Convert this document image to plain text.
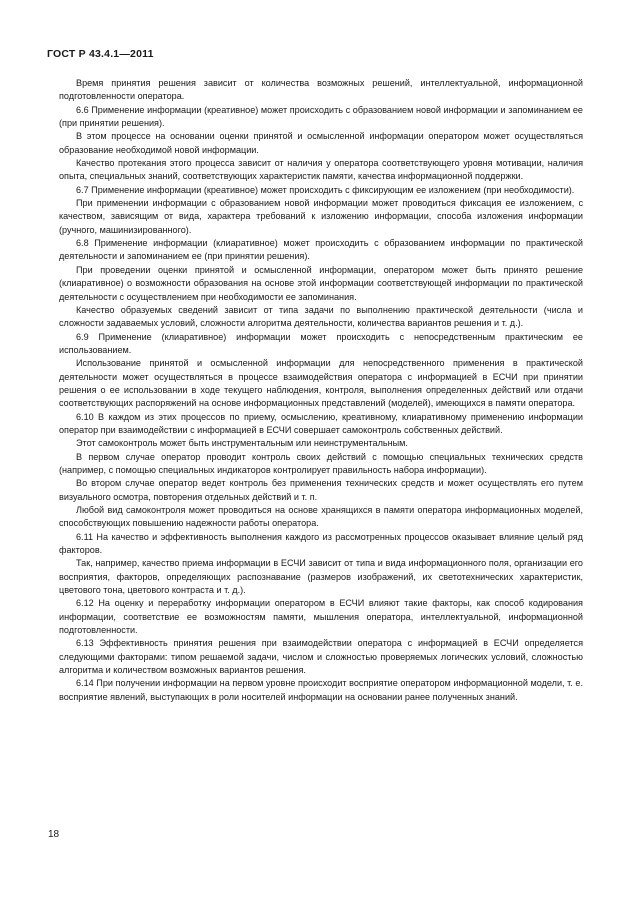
ГОСТ Р 43.4.1—2011

Время принятия решения зависит от количества возможных решений, интеллектуальной, информационной подготовленности оператора.

6.6 Применение информации (креативное) может происходить с образованием новой информации и запоминанием ее (при принятии решения).

В этом процессе на основании оценки принятой и осмысленной информации оператором может осуществляться образование необходимой новой информации.

Качество протекания этого процесса зависит от наличия у оператора соответствующего уровня мотивации, наличия опыта, специальных знаний, соответствующих характеристик памяти, качества информационной поддержки.

6.7 Применение информации (креативное) может происходить с фиксирующим ее изложением (при необходимости).

При применении информации с образованием новой информации может проводиться фиксация ее изложением, с качеством, зависящим от вида, характера требований к изложению информации, способа изложения информации (ручного, машинизированного).

6.8 Применение информации (клиаративное) может происходить с образованием информации по практической деятельности и запоминанием ее (при принятии решения).

При проведении оценки принятой и осмысленной информации, оператором может быть принято решение (клиаративное) о возможности образования на основе этой информации соответствующей информации по практической деятельности с осуществлением при необходимости ее запоминания.

Качество образуемых сведений зависит от типа задачи по выполнению практической деятельности (числа и сложности задаваемых условий, сложности алгоритма деятельности, количества вариантов решения и т. д.).

6.9 Применение (клиаративное) информации может происходить с непосредственным практическим ее использованием.

Использование принятой и осмысленной информации для непосредственного применения в практической деятельности может осуществляться в процессе взаимодействия оператора с информацией в ЕСЧИ при принятии решения о ее использовании в ходе текущего наблюдения, контроля, выполнения определенных действий или отдачи соответствующих распоряжений на основе информационных представлений (моделей), имеющихся в памяти оператора.

6.10 В каждом из этих процессов по приему, осмыслению, креативному, клиаративному применению информации оператор при взаимодействии с информацией в ЕСЧИ совершает самоконтроль собственных действий.

Этот самоконтроль может быть инструментальным или неинструментальным.

В первом случае оператор проводит контроль своих действий с помощью специальных технических средств (например, с помощью специальных индикаторов контролирует правильность набора информации).

Во втором случае оператор ведет контроль без применения технических средств и может осуществлять его путем визуального осмотра, повторения отдельных действий и т. п.

Любой вид самоконтроля может проводиться на основе хранящихся в памяти оператора информационных моделей, способствующих повышению надежности работы оператора.

6.11 На качество и эффективность выполнения каждого из рассмотренных процессов оказывает влияние целый ряд факторов.

Так, например, качество приема информации в ЕСЧИ зависит от типа и вида информационного поля, организации его восприятия, факторов, определяющих распознавание (размеров изображений, их светотехнических характеристик, цветового тона, цветового контраста и т. д.).

6.12 На оценку и переработку информации оператором в ЕСЧИ влияют такие факторы, как способ кодирования информации, соответствие ее возможностям памяти, мышления оператора, интеллектуальной, информационной подготовленности.

6.13 Эффективность принятия решения при взаимодействии оператора с информацией в ЕСЧИ определяется следующими факторами: типом решаемой задачи, числом и сложностью проверяемых логических условий, сложностью алгоритма и количеством возможных вариантов решения.

6.14 При получении информации на первом уровне происходит восприятие оператором информационной модели, т. е. восприятие явлений, выступающих в роли носителей информации на основании ранее полученных знаний.

18
